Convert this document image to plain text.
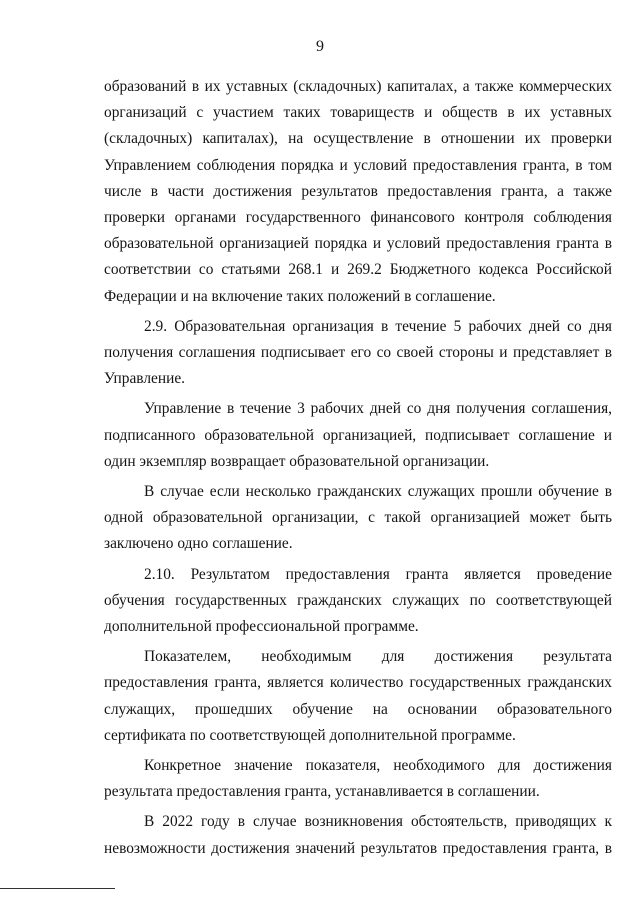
9

образований в их уставных (складочных) капиталах, а также коммерческих организаций с участием таких товариществ и обществ в их уставных (складочных) капиталах), на осуществление в отношении их проверки Управлением соблюдения порядка и условий предоставления гранта, в том числе в части достижения результатов предоставления гранта, а также проверки органами государственного финансового контроля соблюдения образовательной организацией порядка и условий предоставления гранта в соответствии со статьями 268.1 и 269.2 Бюджетного кодекса Российской Федерации и на включение таких положений в соглашение.

2.9. Образовательная организация в течение 5 рабочих дней со дня получения соглашения подписывает его со своей стороны и представляет в Управление.

Управление в течение 3 рабочих дней со дня получения соглашения, подписанного образовательной организацией, подписывает соглашение и один экземпляр возвращает образовательной организации.

В случае если несколько гражданских служащих прошли обучение в одной образовательной организации, с такой организацией может быть заключено одно соглашение.

2.10. Результатом предоставления гранта является проведение обучения государственных гражданских служащих по соответствующей дополнительной профессиональной программе.

Показателем, необходимым для достижения результата предоставления гранта, является количество государственных гражданских служащих, прошедших обучение на основании образовательного сертификата по соответствующей дополнительной программе.

Конкретное значение показателя, необходимого для достижения результата предоставления гранта, устанавливается в соглашении.

В 2022 году в случае возникновения обстоятельств, приводящих к невозможности достижения значений результатов предоставления гранта, в
